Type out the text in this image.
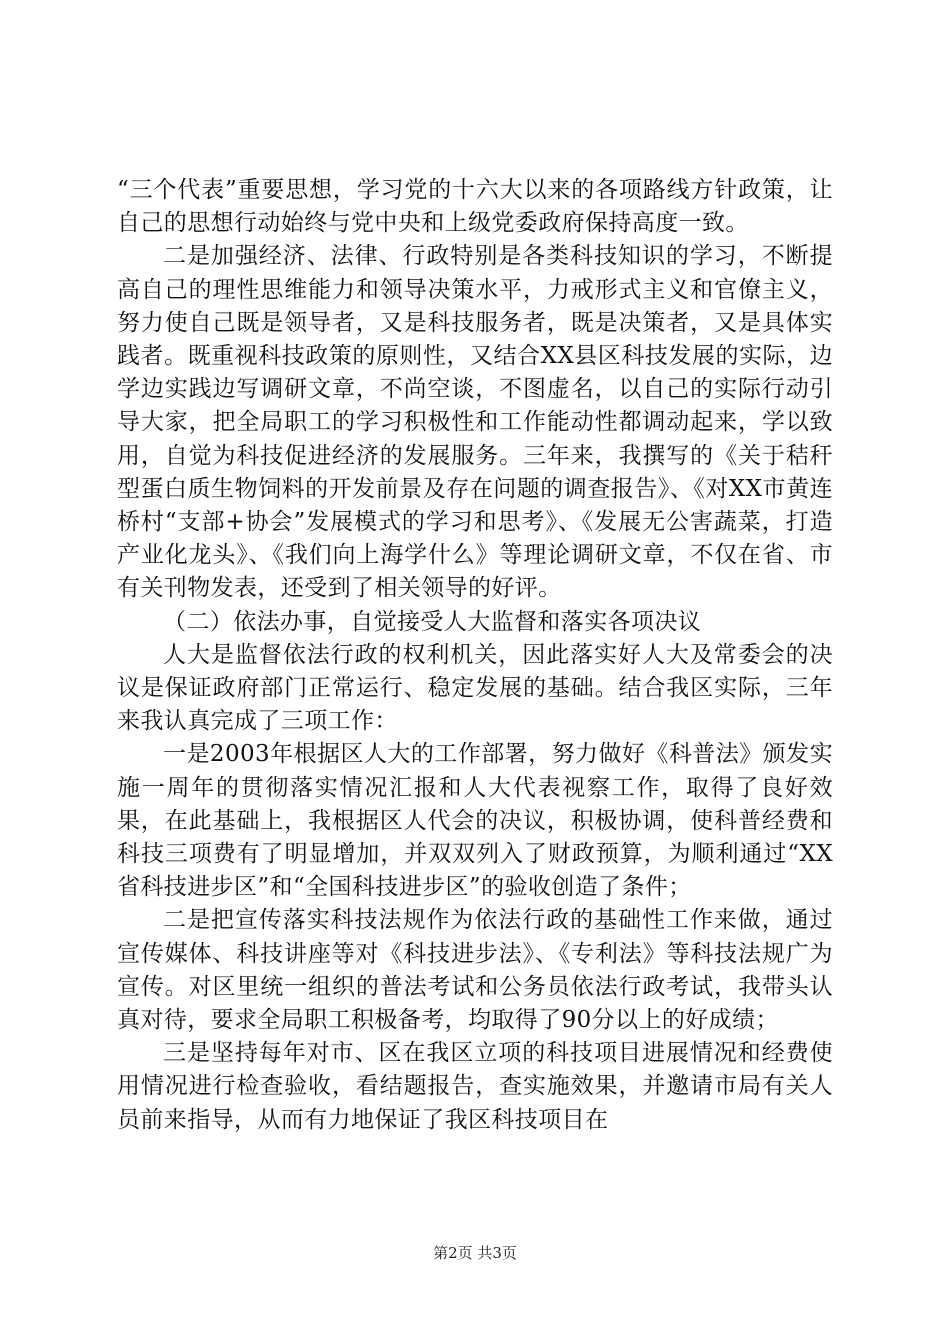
“三个代表”重要思想，学习党的十六大以来的各项路线方针政策，让自己的思想行动始终与党中央和上级党委政府保持高度一致。

二是加强经济、法律、行政特别是各类科技知识的学习，不断提高自己的理性思维能力和领导决策水平，力戒形式主义和官僚主义，努力使自己既是领导者，又是科技服务者，既是决策者，又是具体实践者。既重视科技政策的原则性，又结合XX县区科技发展的实际，边学边实践边写调研文章，不尚空谈，不图虚名，以自己的实际行动引导大家，把全局职工的学习积极性和工作能动性都调动起来，学以致用，自觉为科技促进经济的发展服务。三年来，我撰写的《关于秸秆型蛋白质生物饲料的开发前景及存在问题的调查报告》、《对XX市黄连桥村“支部+协会”发展模式的学习和思考》、《发展无公害蔬菜，打造产业化龙头》、《我们向上海学什么》等理论调研文章，不仅在省、市有关刊物发表，还受到了相关领导的好评。

（二）依法办事，自觉接受人大监督和落实各项决议

人大是监督依法行政的权利机关，因此落实好人大及常委会的决议是保证政府部门正常运行、稳定发展的基础。结合我区实际，三年来我认真完成了三项工作：

一是2003年根据区人大的工作部署，努力做好《科普法》颁发实施一周年的贯彻落实情况汇报和人大代表视察工作，取得了良好效果，在此基础上，我根据区人代会的决议，积极协调，使科普经费和科技三项费有了明显增加，并双双列入了财政预算，为顺利通过“XX省科技进步区”和“全国科技进步区”的验收创造了条件；

二是把宣传落实科技法规作为依法行政的基础性工作来做，通过宣传媒体、科技讲座等对《科技进步法》、《专利法》等科技法规广为宣传。对区里统一组织的普法考试和公务员依法行政考试，我带头认真对待，要求全局职工积极备考，均取得了90分以上的好成绩；

三是坚持每年对市、区在我区立项的科技项目进展情况和经费使用情况进行检查验收，看结题报告，查实施效果，并邀请市局有关人员前来指导，从而有力地保证了我区科技项目在

第2页 共3页
